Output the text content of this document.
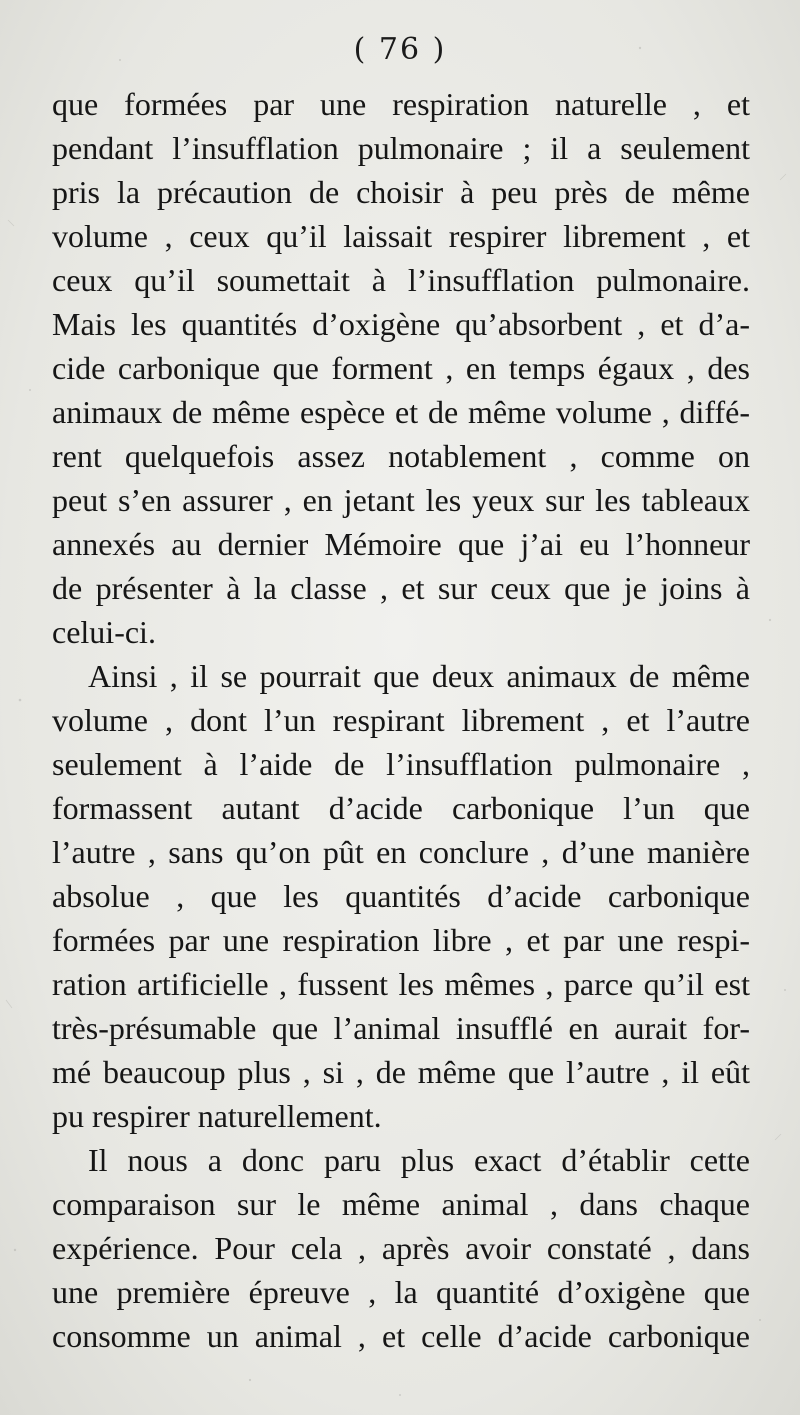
( 76 )
que formées par une respiration naturelle , et
pendant l’insufflation pulmonaire ; il a seulement
pris la précaution de choisir à peu près de même
volume , ceux qu’il laissait respirer librement , et
ceux qu’il soumettait à l’insufflation pulmonaire.
Mais les quantités d’oxigène qu’absorbent , et d’a-
cide carbonique que forment , en temps égaux , des
animaux de même espèce et de même volume , diffé-
rent quelquefois assez notablement , comme on
peut s’en assurer , en jetant les yeux sur les tableaux
annexés au dernier Mémoire que j’ai eu l’honneur
de présenter à la classe , et sur ceux que je joins à
celui-ci.
Ainsi , il se pourrait que deux animaux de même
volume , dont l’un respirant librement , et l’autre
seulement à l’aide de l’insufflation pulmonaire ,
formassent autant d’acide carbonique l’un que
l’autre , sans qu’on pût en conclure , d’une manière
absolue , que les quantités d’acide carbonique
formées par une respiration libre , et par une respi-
ration artificielle , fussent les mêmes , parce qu’il est
très-présumable que l’animal insufflé en aurait for-
mé beaucoup plus , si , de même que l’autre , il eût
pu respirer naturellement.
Il nous a donc paru plus exact d’établir cette
comparaison sur le même animal , dans chaque
expérience. Pour cela , après avoir constaté , dans
une première épreuve , la quantité d’oxigène que
consomme un animal , et celle d’acide carbonique
